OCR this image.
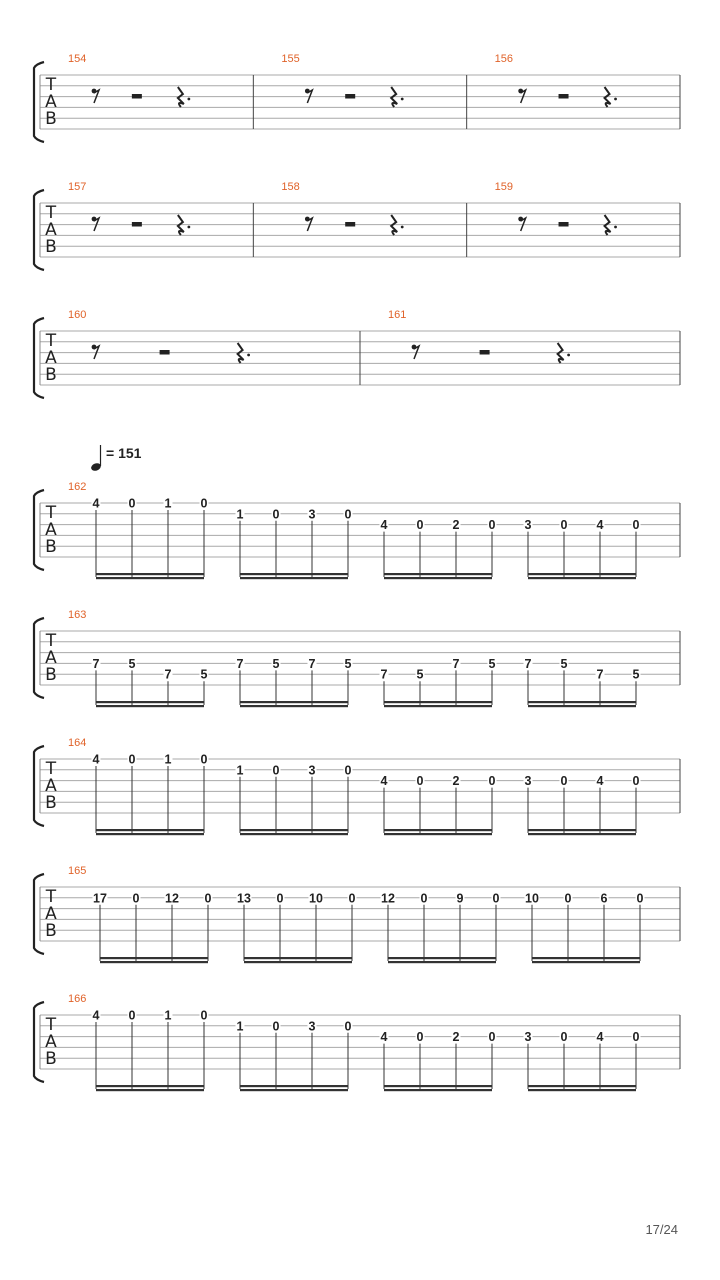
T
A
B
154	155	156
T
A
B
157	158	159
T
A
B
160	161
T
A
B
162
4 0 1 0
1 0 3 0
4 0 2 0 3 0 4 0
= 151
T
A
B
163
7 5
7 5
7 5 7 5
7 5
7 5 7 5
7 5
T
A
B
164
4 0 1 0
1 0 3 0
4 0 2 0 3 0 4 0
T
A
B
165
17 0 12 0 13 0 10 0 12 0 9 0 10 0 6 0
T
A
B
166
4 0 1 0
1 0 3 0
4 0 2 0 3 0 4 0
17/24
